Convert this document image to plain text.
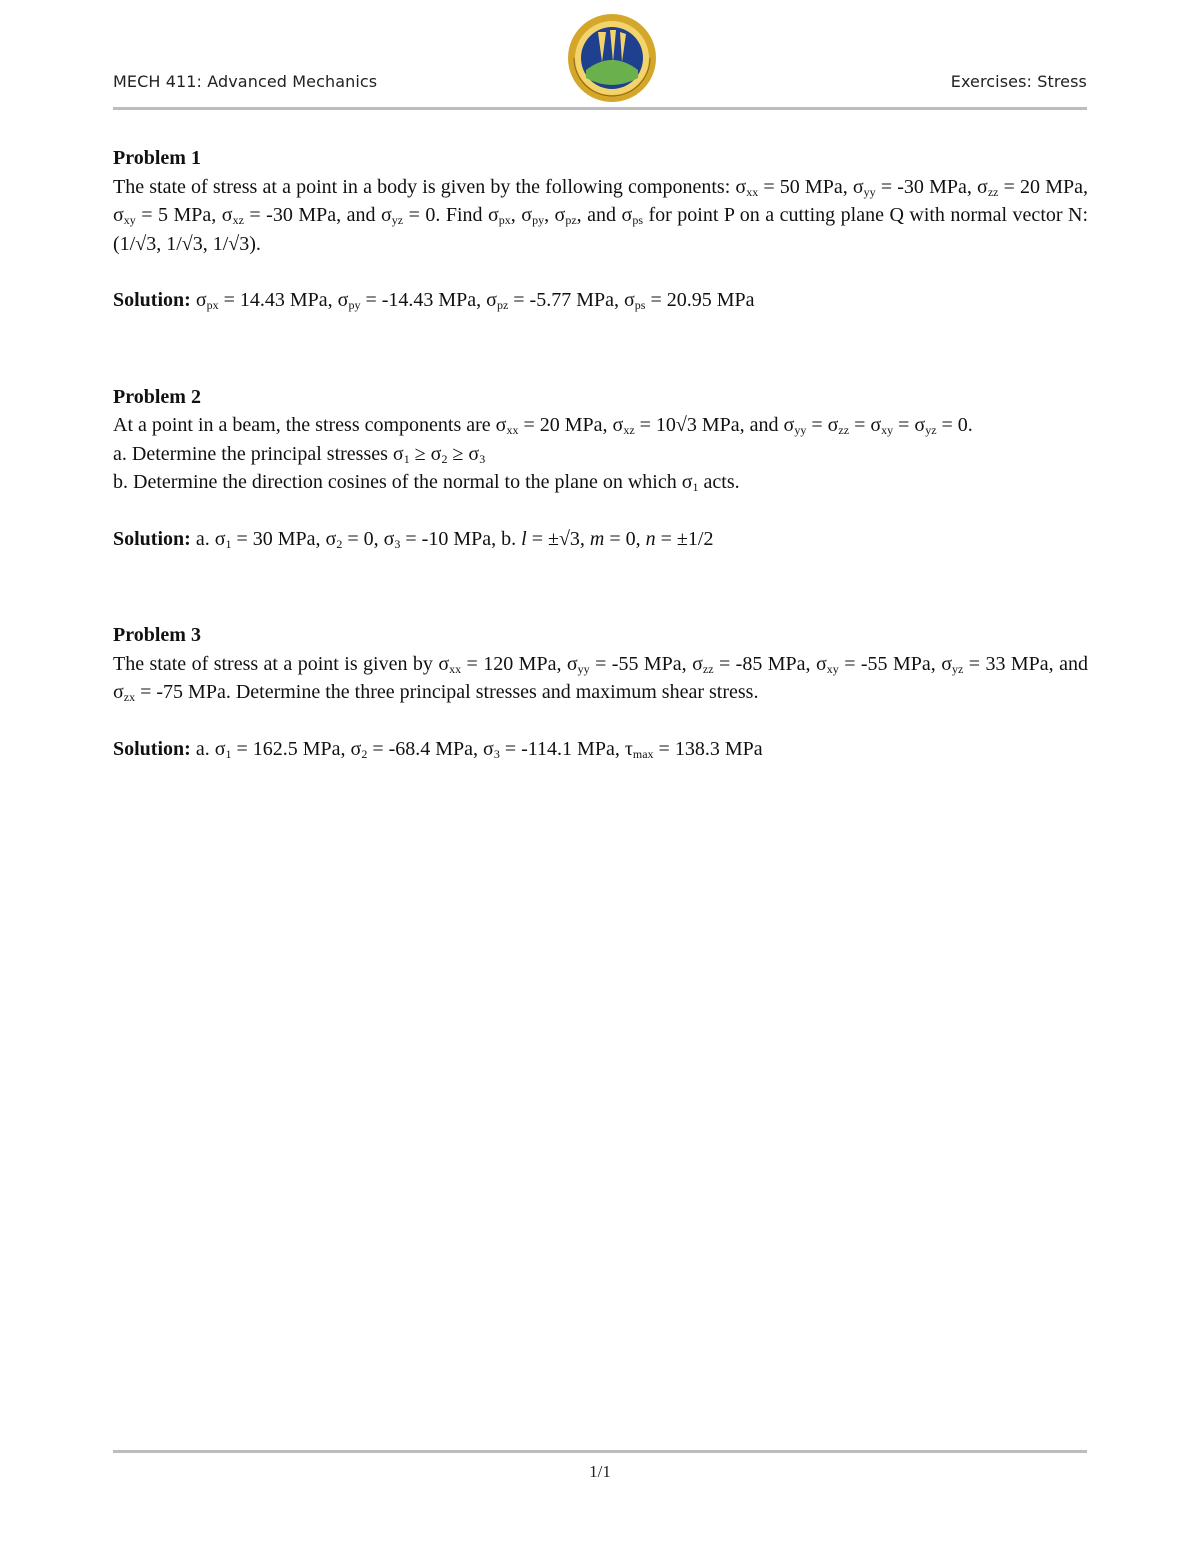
MECH 411: Advanced Mechanics	Exercises: Stress
Problem 1
The state of stress at a point in a body is given by the following components: $\sigma_{xx} = 50$ MPa, $\sigma_{yy} = -30$ MPa, $\sigma_{zz} = 20$ MPa, $\sigma_{xy} = 5$ MPa, $\sigma_{xz} = -30$ MPa, and $\sigma_{yz} = 0$. Find $\sigma_{px}$, $\sigma_{py}$, $\sigma_{pz}$, and $\sigma_{ps}$ for point P on a cutting plane Q with normal vector N: (1/√3, 1/√3, 1/√3).
Solution: $\sigma_{px} = 14.43$ MPa, $\sigma_{py} = -14.43$ MPa, $\sigma_{pz} = -5.77$ MPa, $\sigma_{ps} = 20.95$ MPa
Problem 2
At a point in a beam, the stress components are $\sigma_{xx} = 20$ MPa, $\sigma_{xz} = 10√3$ MPa, and $\sigma_{yy} = \sigma_{zz} = \sigma_{xy} = \sigma_{yz} = 0$.
a. Determine the principal stresses $\sigma_1 \ge \sigma_2 \ge \sigma_3$
b. Determine the direction cosines of the normal to the plane on which $\sigma_1$ acts.
Solution: a. $\sigma_1 = 30$ MPa, $\sigma_2 = 0$, $\sigma_3 = -10$ MPa, b. l = ±√3, m = 0, n = ±1/2
Problem 3
The state of stress at a point is given by $\sigma_{xx} = 120$ MPa, $\sigma_{yy} = -55$ MPa, $\sigma_{zz} = -85$ MPa, $\sigma_{xy} = -55$ MPa, $\sigma_{yz} = 33$ MPa, and $\sigma_{zx} = -75$ MPa. Determine the three principal stresses and maximum shear stress.
Solution: a. $\sigma_1 = 162.5$ MPa, $\sigma_2 = -68.4$ MPa, $\sigma_3 = -114.1$ MPa, $\tau_{max} = 138.3$ MPa
1/1
